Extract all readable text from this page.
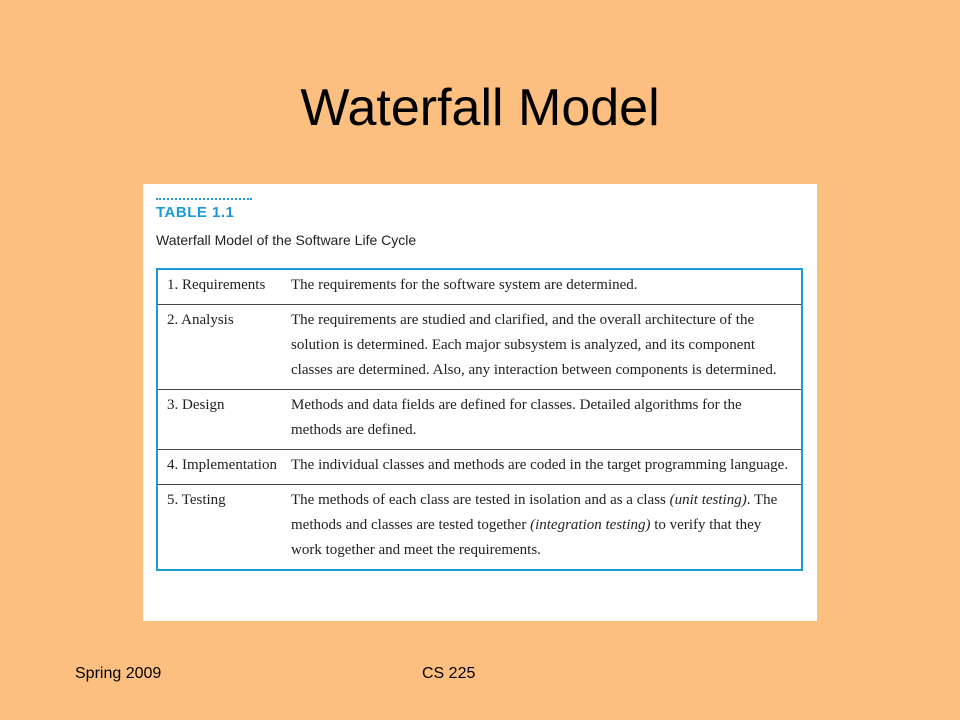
Waterfall Model
TABLE 1.1
Waterfall Model of the Software Life Cycle
1. Requirements	The requirements for the software system are determined.
2. Analysis	The requirements are studied and clarified, and the overall architecture of the solution is determined. Each major subsystem is analyzed, and its component classes are determined. Also, any interaction between components is determined.
3. Design	Methods and data fields are defined for classes. Detailed algorithms for the methods are defined.
4. Implementation The individual classes and methods are coded in the target programming language.
5. Testing	The methods of each class are tested in isolation and as a class (unit testing). The methods and classes are tested together (integration testing) to verify that they work together and meet the requirements.
Spring 2009	CS 225
